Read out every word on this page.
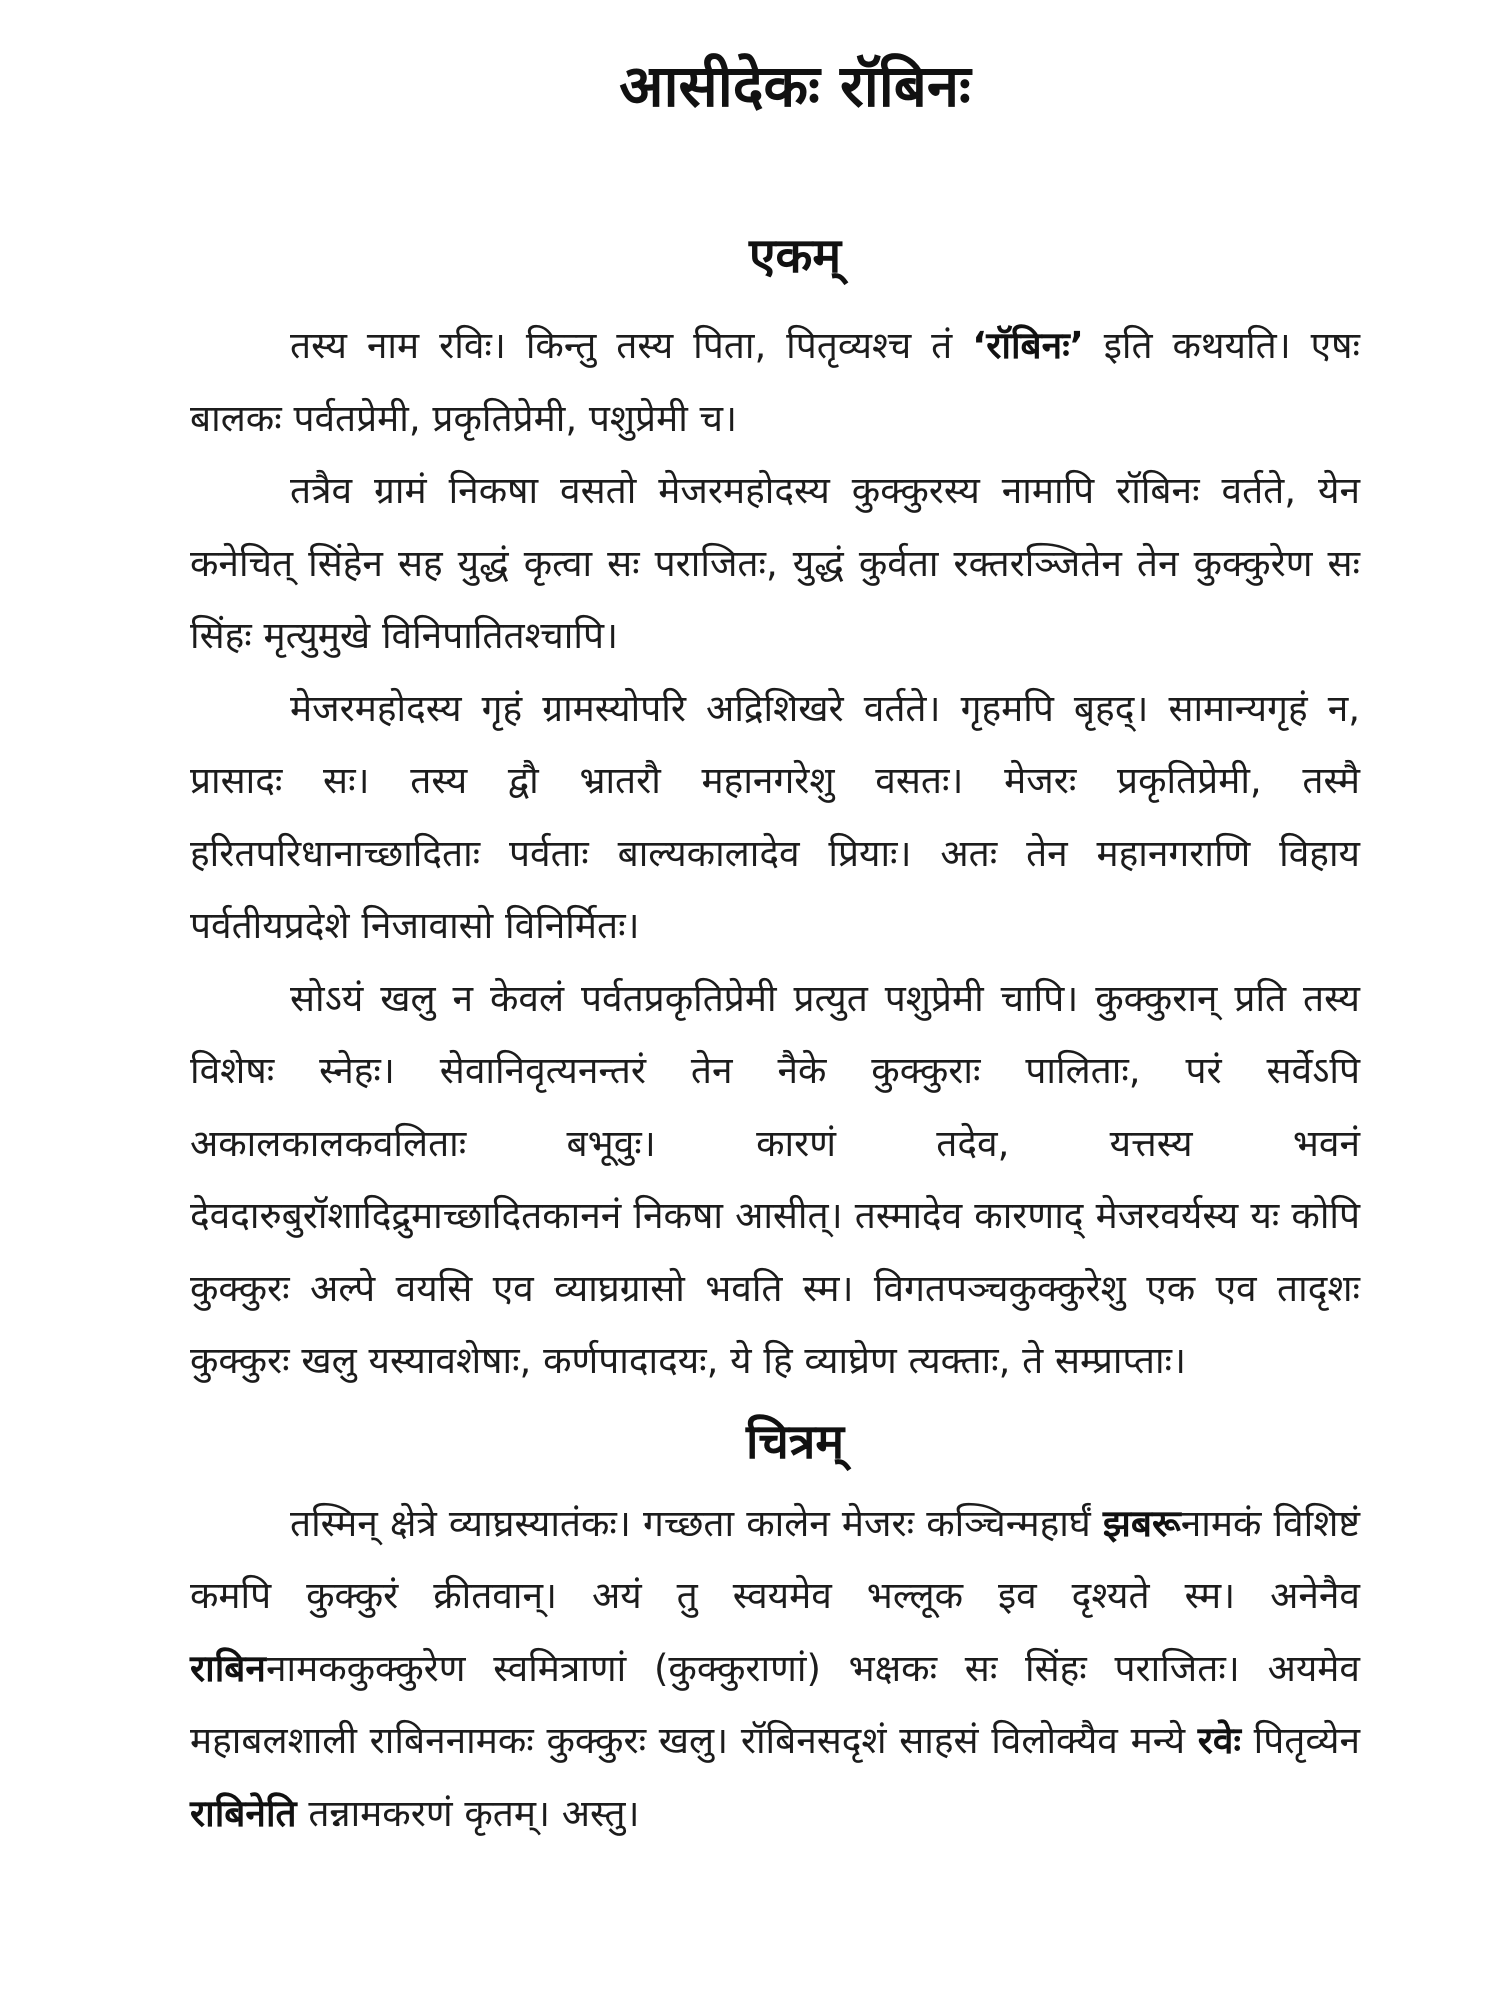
आसीदेकः रॉबिनः
एकम्

तस्य नाम रविः। किन्तु तस्य पिता, पितृव्यश्च तं ‘रॉबिनः’ इति कथयति। एषः बालकः पर्वतप्रेमी, प्रकृतिप्रेमी, पशुप्रेमी च।

तत्रैव ग्रामं निकषा वसतो मेजरमहोदस्य कुक्कुरस्य नामापि रॉबिनः वर्तते, येन कनेचित् सिंहेन सह युद्धं कृत्वा सः पराजितः, युद्धं कुर्वता रक्तरञ्जितेन तेन कुक्कुरेण सः सिंहः मृत्युमुखे विनिपातितश्चापि।

मेजरमहोदस्य गृहं ग्रामस्योपरि अद्रिशिखरे वर्तते। गृहमपि बृहद्। सामान्यगृहं न, प्रासादः सः। तस्य द्वौ भ्रातरौ महानगरेशु वसतः। मेजरः प्रकृतिप्रेमी, तस्मै हरितपरिधानाच्छादिताः पर्वताः बाल्यकालादेव प्रियाः। अतः तेन महानगराणि विहाय पर्वतीयप्रदेशे निजावासो विनिर्मितः।

सोऽयं खलु न केवलं पर्वतप्रकृतिप्रेमी प्रत्युत पशुप्रेमी चापि। कुक्कुरान् प्रति तस्य विशेषः स्नेहः। सेवानिवृत्यनन्तरं तेन नैके कुक्कुराः पालिताः, परं सर्वेऽपि अकालकालकवलिताः बभूवुः। कारणं तदेव, यत्तस्य भवनं देवदारुबुरॉशादिद्रुमाच्छादितकाननं निकषा आसीत्। तस्मादेव कारणाद् मेजरवर्यस्य यः कोपि कुक्कुरः अल्पे वयसि एव व्याघ्रग्रासो भवति स्म। विगतपञ्चकुक्कुरेशु एक एव तादृशः कुक्कुरः खलु यस्यावशेषाः, कर्णपादादयः, ये हि व्याघ्रेण त्यक्ताः, ते सम्प्राप्ताः।

चित्रम्

तस्मिन् क्षेत्रे व्याघ्रस्यातंकः। गच्छता कालेन मेजरः कञ्चिन्महार्घं झबरूनामकं विशिष्टं कमपि कुक्कुरं क्रीतवान्। अयं तु स्वयमेव भल्लूक इव दृश्यते स्म। अनेनैव राबिननामककुक्कुरेण स्वमित्राणां (कुक्कुराणां) भक्षकः सः सिंहः पराजितः। अयमेव महाबलशाली राबिननामकः कुक्कुरः खलु। रॉबिनसदृशं साहसं विलोक्यैव मन्ये रवेः पितृव्येन राबिनेति तन्नामकरणं कृतम्। अस्तु।
